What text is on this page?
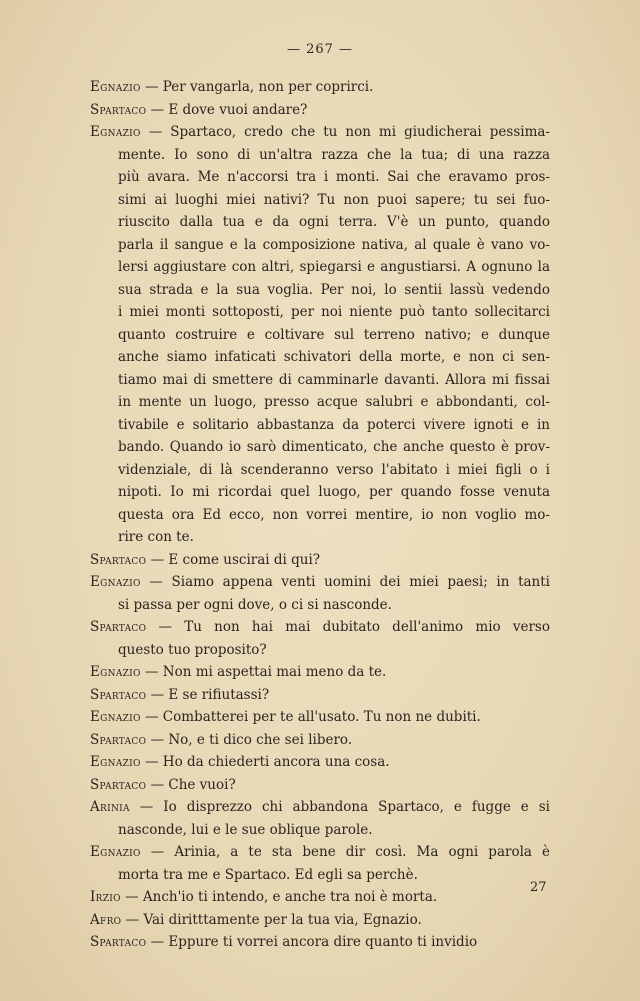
— 267 —
Egnazio — Per vangarla, non per coprirci.
Spartaco — E dove vuoi andare?
Egnazio — Spartaco, credo che tu non mi giudicherai pessima-
mente. Io sono di un'altra razza che la tua; di una razza
più avara. Me n'accorsi tra i monti. Sai che eravamo pros-
simi ai luoghi miei nativi? Tu non puoi sapere; tu sei fuo-
riuscito dalla tua e da ogni terra. V'è un punto, quando
parla il sangue e la composizione nativa, al quale è vano vo-
lersi aggiustare con altri, spiegarsi e angustiarsi. A ognuno la
sua strada e la sua voglia. Per noi, lo sentii lassù vedendo
i miei monti sottoposti, per noi niente può tanto sollecitarci
quanto costruire e coltivare sul terreno nativo; e dunque
anche siamo infaticati schivatori della morte, e non ci sen-
tiamo mai di smettere di camminarle davanti. Allora mi fissai
in mente un luogo, presso acque salubri e abbondanti, col-
tivabile e solitario abbastanza da poterci vivere ignoti e in
bando. Quando io sarò dimenticato, che anche questo è prov-
videnziale, di là scenderanno verso l'abitato i miei figli o i
nipoti. Io mi ricordai quel luogo, per quando fosse venuta
questa ora Ed ecco, non vorrei mentire, io non voglio mo-
rire con te.
Spartaco — E come uscirai di qui?
Egnazio — Siamo appena venti uomini dei miei paesi; in tanti
si passa per ogni dove, o ci si nasconde.
Spartaco — Tu non hai mai dubitato dell'animo mio verso
questo tuo proposito?
Egnazio — Non mi aspettai mai meno da te.
Spartaco — E se rifiutassi?
Egnazio — Combatterei per te all'usato. Tu non ne dubiti.
Spartaco — No, e ti dico che sei libero.
Egnazio — Ho da chiederti ancora una cosa.
Spartaco — Che vuoi?
Arinia — Io disprezzo chi abbandona Spartaco, e fugge e si
nasconde, lui e le sue oblique parole.
Egnazio — Arinia, a te sta bene dir così. Ma ogni parola è
morta tra me e Spartaco. Ed egli sa perchè.
Irzio — Anch'io ti intendo, e anche tra noi è morta.
Afro — Vai diritttamente per la tua via, Egnazio.
Spartaco — Eppure ti vorrei ancora dire quanto ti invidio
27
